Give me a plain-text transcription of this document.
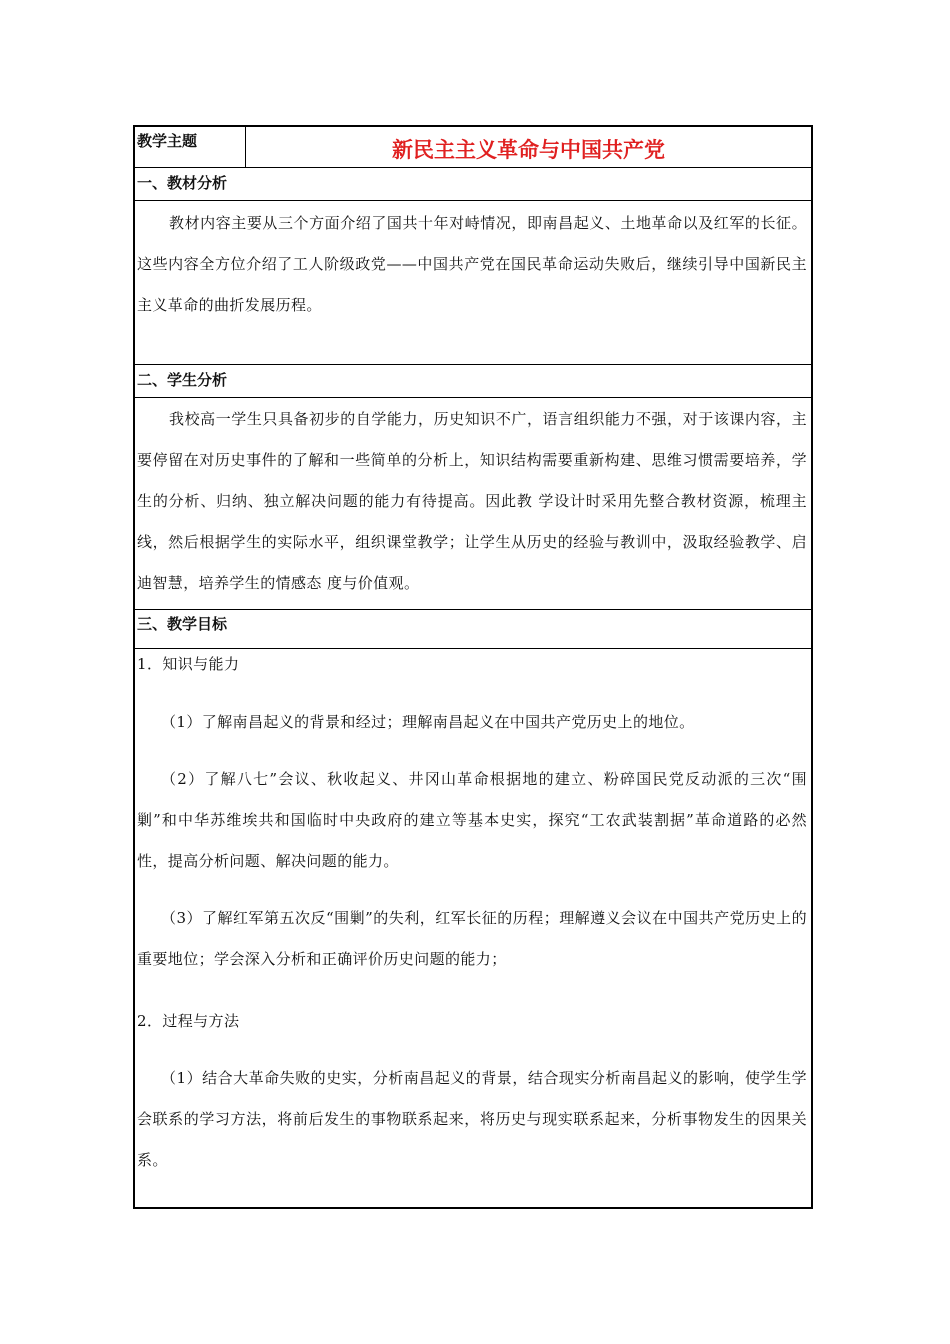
教学主题	新民主主义革命与中国共产党
一、教材分析

教材内容主要从三个方面介绍了国共十年对峙情况，即南昌起义、土地革命以及红军的长征。这些内容全方位介绍了工人阶级政党——中国共产党在国民革命运动失败后，继续引导中国新民主主义革命的曲折发展历程。

二、学生分析

我校高一学生只具备初步的自学能力，历史知识不广，语言组织能力不强，对于该课内容，主要停留在对历史事件的了解和一些简单的分析上，知识结构需要重新构建、思维习惯需要培养，学生的分析、归纳、独立解决问题的能力有待提高。因此教 学设计时采用先整合教材资源，梳理主线，然后根据学生的实际水平，组织课堂教学；让学生从历史的经验与教训中，汲取经验教学、启迪智慧，培养学生的情感态 度与价值观。

三、教学目标

1．知识与能力

（1）了解南昌起义的背景和经过；理解南昌起义在中国共产党历史上的地位。

（2）了解八七”会议、秋收起义、井冈山革命根据地的建立、粉碎国民党反动派的三次“围剿”和中华苏维埃共和国临时中央政府的建立等基本史实，探究“工农武装割据”革命道路的必然性，提高分析问题、解决问题的能力。

（3）了解红军第五次反“围剿”的失利，红军长征的历程；理解遵义会议在中国共产党历史上的重要地位；学会深入分析和正确评价历史问题的能力；

2．过程与方法

（1）结合大革命失败的史实，分析南昌起义的背景，结合现实分析南昌起义的影响，使学生学会联系的学习方法，将前后发生的事物联系起来，将历史与现实联系起来，分析事物发生的因果关系。
